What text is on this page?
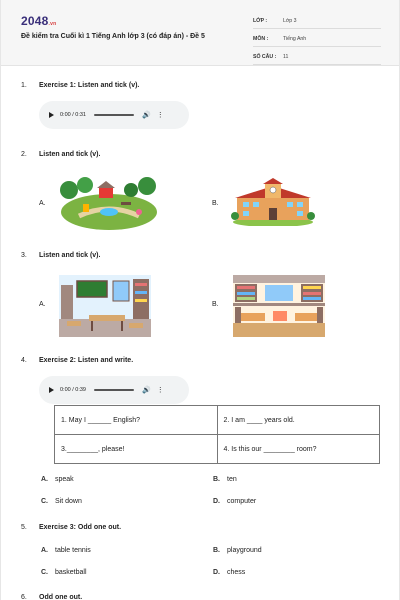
2048.vn
Đề kiểm tra Cuối kì 1 Tiếng Anh lớp 3 (có đáp án) - Đề 5
LỚP :	Lớp 3
MÔN :	Tiếng Anh
SỐ CÂU :	11
1. Exercise 1: Listen and tick (v).
0:00 / 0:31	🔊 ⋮
2. Listen and tick (v).
A.	B.
3. Listen and tick (v).
A.	B.
4. Exercise 2: Listen and write.
0:00 / 0:39	🔊 ⋮
1. May I ______ English?	2. I am ____ years old.
3.________, please!	4. Is this our ________ room?
A. speak	B. ten
C. Sit down	D. computer
5. Exercise 3: Odd one out.
A. table tennis	B. playground
C. basketball	D. chess
6. Odd one out.
